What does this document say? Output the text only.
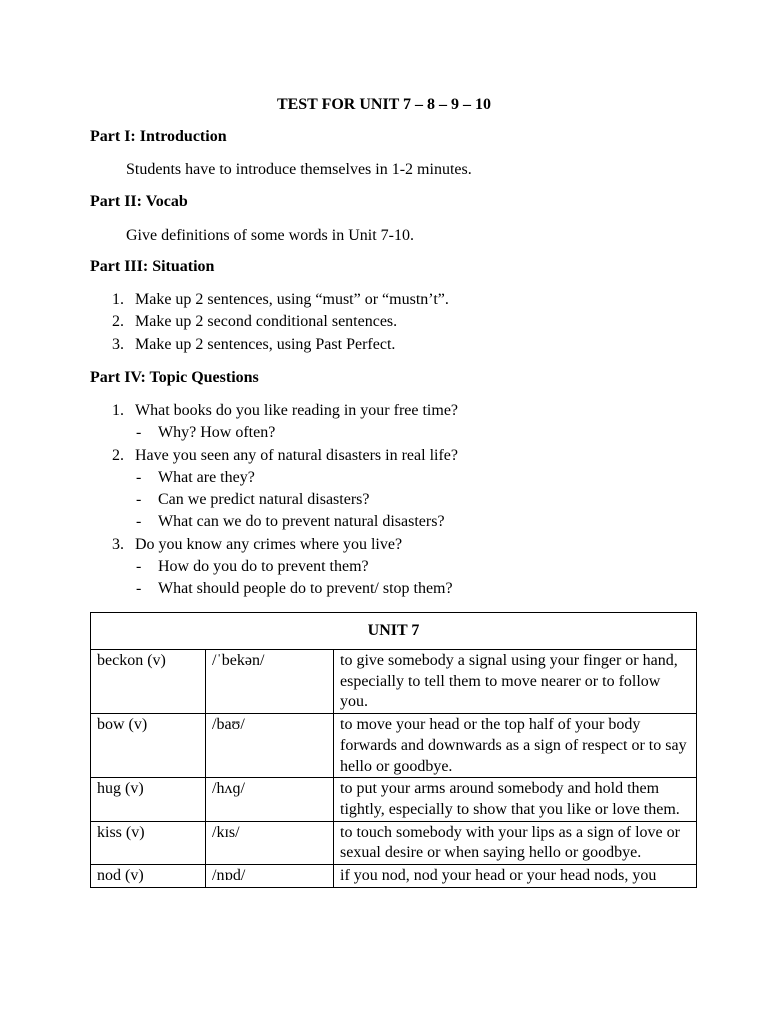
TEST FOR UNIT 7 – 8 – 9 – 10
Part I: Introduction
Students have to introduce themselves in 1-2 minutes.
Part II: Vocab
Give definitions of some words in Unit 7-10.
Part III: Situation
1. Make up 2 sentences, using “must” or “mustn’t”.
2. Make up 2 second conditional sentences.
3. Make up 2 sentences, using Past Perfect.
Part IV: Topic Questions
1. What books do you like reading in your free time?
- Why? How often?
2. Have you seen any of natural disasters in real life?
- What are they?
- Can we predict natural disasters?
- What can we do to prevent natural disasters?
3. Do you know any crimes where you live?
- How do you do to prevent them?
- What should people do to prevent/ stop them?
UNIT 7		
beckon (v)	/ˈbekən/	to give somebody a signal using your finger or hand, especially to tell them to move nearer or to follow you.
bow (v)	/baʊ/	to move your head or the top half of your body forwards and downwards as a sign of respect or to say hello or goodbye.
hug (v)	/hʌɡ/	to put your arms around somebody and hold them tightly, especially to show that you like or love them.
kiss (v)	/kɪs/	to touch somebody with your lips as a sign of love or sexual desire or when saying hello or goodbye.
nod (v)	/nɒd/	if you nod, nod your head or your head nods, you
